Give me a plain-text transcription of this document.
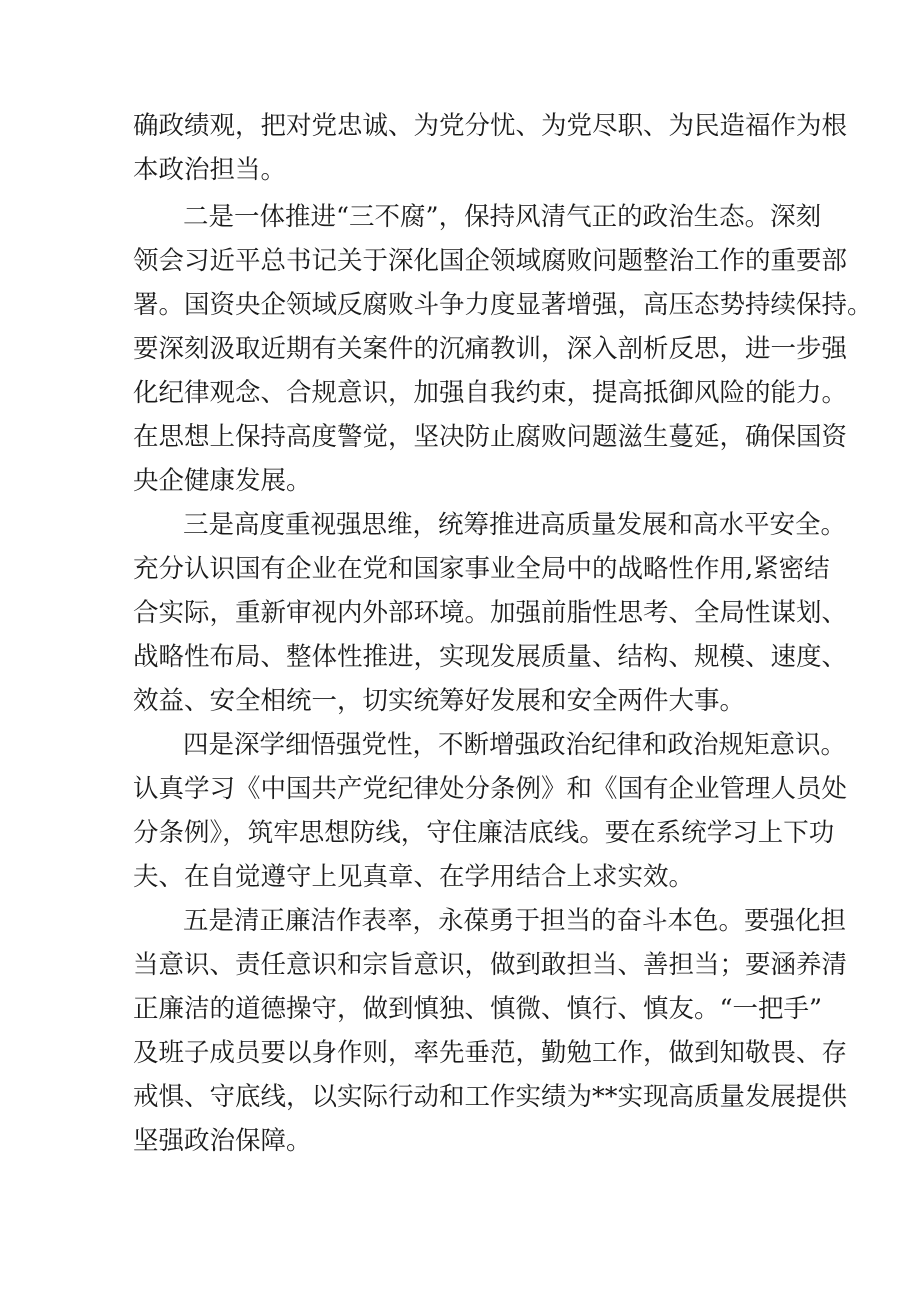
确政绩观，把对党忠诚、为党分忧、为党尽职、为民造福作为根
本政治担当。
二是一体推进“三不腐”，保持风清气正的政治生态。深刻
领会习近平总书记关于深化国企领域腐败问题整治工作的重要部
署。国资央企领域反腐败斗争力度显著增强，高压态势持续保持。
要深刻汲取近期有关案件的沉痛教训，深入剖析反思，进一步强
化纪律观念、合规意识，加强自我约束，提高抵御风险的能力。
在思想上保持高度警觉，坚决防止腐败问题滋生蔓延，确保国资
央企健康发展。
三是高度重视强思维，统筹推进高质量发展和高水平安全。
充分认识国有企业在党和国家事业全局中的战略性作用,紧密结
合实际，重新审视内外部环境。加强前脂性思考、全局性谋划、
战略性布局、整体性推进，实现发展质量、结构、规模、速度、
效益、安全相统一，切实统筹好发展和安全两件大事。
四是深学细悟强党性，不断增强政治纪律和政治规矩意识。
认真学习《中国共产党纪律处分条例》和《国有企业管理人员处
分条例》，筑牢思想防线，守住廉洁底线。要在系统学习上下功
夫、在自觉遵守上见真章、在学用结合上求实效。
五是清正廉洁作表率，永葆勇于担当的奋斗本色。要强化担
当意识、责任意识和宗旨意识，做到敢担当、善担当；要涵养清
正廉洁的道德操守，做到慎独、慎微、慎行、慎友。“一把手”
及班子成员要以身作则，率先垂范，勤勉工作，做到知敬畏、存
戒惧、守底线，以实际行动和工作实绩为**实现高质量发展提供
坚强政治保障。
